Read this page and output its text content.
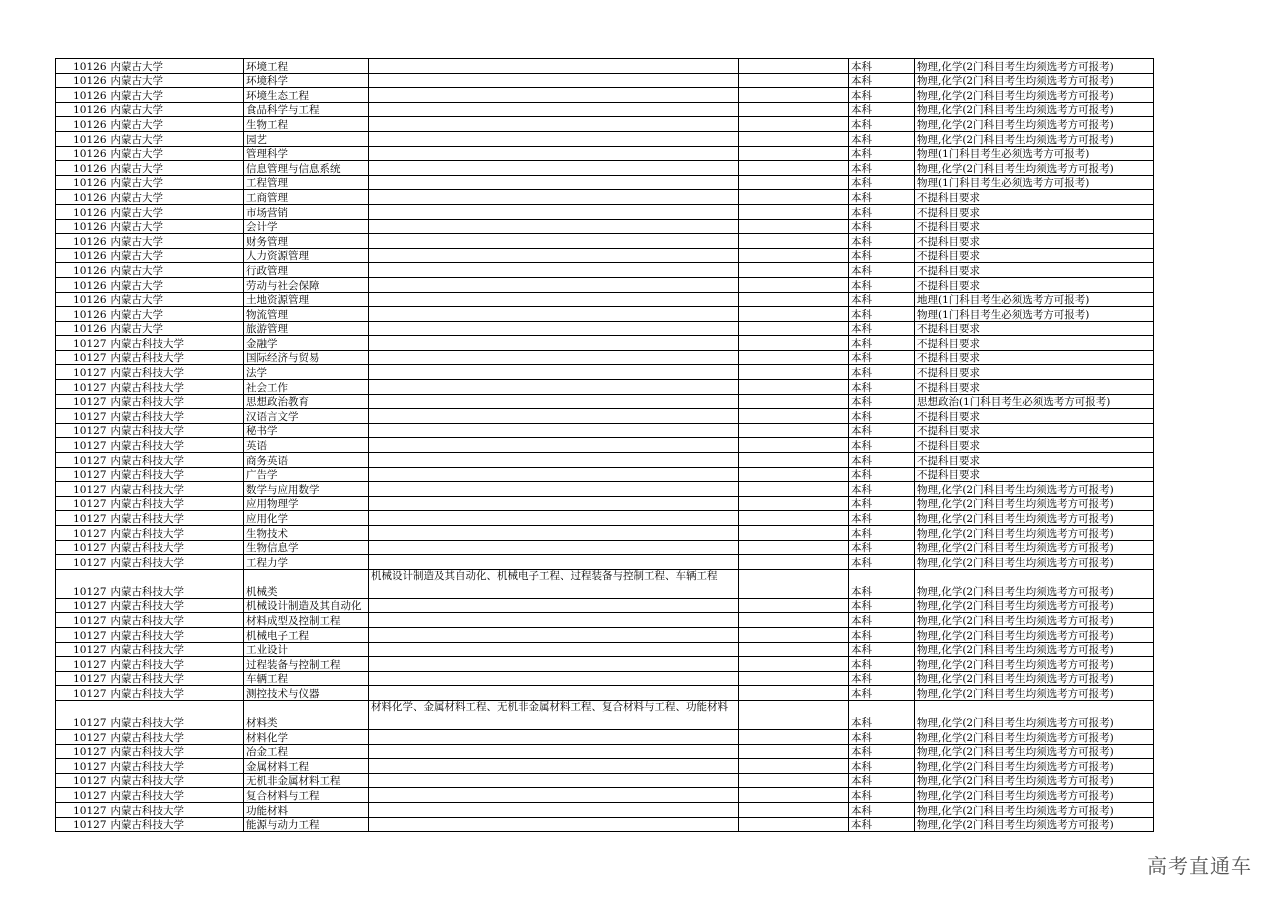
10126	内蒙古大学	环境工程			本科	物理,化学(2门科目考生均须选考方可报考)
10126	内蒙古大学	环境科学			本科	物理,化学(2门科目考生均须选考方可报考)
10126	内蒙古大学	环境生态工程			本科	物理,化学(2门科目考生均须选考方可报考)
10126	内蒙古大学	食品科学与工程			本科	物理,化学(2门科目考生均须选考方可报考)
10126	内蒙古大学	生物工程			本科	物理,化学(2门科目考生均须选考方可报考)
10126	内蒙古大学	园艺			本科	物理,化学(2门科目考生均须选考方可报考)
10126	内蒙古大学	管理科学			本科	物理(1门科目考生必须选考方可报考)
10126	内蒙古大学	信息管理与信息系统			本科	物理,化学(2门科目考生均须选考方可报考)
10126	内蒙古大学	工程管理			本科	物理(1门科目考生必须选考方可报考)
10126	内蒙古大学	工商管理			本科	不提科目要求
10126	内蒙古大学	市场营销			本科	不提科目要求
10126	内蒙古大学	会计学			本科	不提科目要求
10126	内蒙古大学	财务管理			本科	不提科目要求
10126	内蒙古大学	人力资源管理			本科	不提科目要求
10126	内蒙古大学	行政管理			本科	不提科目要求
10126	内蒙古大学	劳动与社会保障			本科	不提科目要求
10126	内蒙古大学	土地资源管理			本科	地理(1门科目考生必须选考方可报考)
10126	内蒙古大学	物流管理			本科	物理(1门科目考生必须选考方可报考)
10126	内蒙古大学	旅游管理			本科	不提科目要求
10127	内蒙古科技大学	金融学			本科	不提科目要求
10127	内蒙古科技大学	国际经济与贸易			本科	不提科目要求
10127	内蒙古科技大学	法学			本科	不提科目要求
10127	内蒙古科技大学	社会工作			本科	不提科目要求
10127	内蒙古科技大学	思想政治教育			本科	思想政治(1门科目考生必须选考方可报考)
10127	内蒙古科技大学	汉语言文学			本科	不提科目要求
10127	内蒙古科技大学	秘书学			本科	不提科目要求
10127	内蒙古科技大学	英语			本科	不提科目要求
10127	内蒙古科技大学	商务英语			本科	不提科目要求
10127	内蒙古科技大学	广告学			本科	不提科目要求
10127	内蒙古科技大学	数学与应用数学			本科	物理,化学(2门科目考生均须选考方可报考)
10127	内蒙古科技大学	应用物理学			本科	物理,化学(2门科目考生均须选考方可报考)
10127	内蒙古科技大学	应用化学			本科	物理,化学(2门科目考生均须选考方可报考)
10127	内蒙古科技大学	生物技术			本科	物理,化学(2门科目考生均须选考方可报考)
10127	内蒙古科技大学	生物信息学			本科	物理,化学(2门科目考生均须选考方可报考)
10127	内蒙古科技大学	工程力学			本科	物理,化学(2门科目考生均须选考方可报考)
10127	内蒙古科技大学	机械类	机械设计制造及其自动化、机械电子工程、过程装备与控制工程、车辆工程		本科	物理,化学(2门科目考生均须选考方可报考)
10127	内蒙古科技大学	机械设计制造及其自动化			本科	物理,化学(2门科目考生均须选考方可报考)
10127	内蒙古科技大学	材料成型及控制工程			本科	物理,化学(2门科目考生均须选考方可报考)
10127	内蒙古科技大学	机械电子工程			本科	物理,化学(2门科目考生均须选考方可报考)
10127	内蒙古科技大学	工业设计			本科	物理,化学(2门科目考生均须选考方可报考)
10127	内蒙古科技大学	过程装备与控制工程			本科	物理,化学(2门科目考生均须选考方可报考)
10127	内蒙古科技大学	车辆工程			本科	物理,化学(2门科目考生均须选考方可报考)
10127	内蒙古科技大学	测控技术与仪器			本科	物理,化学(2门科目考生均须选考方可报考)
10127	内蒙古科技大学	材料类	材料化学、金属材料工程、无机非金属材料工程、复合材料与工程、功能材料		本科	物理,化学(2门科目考生均须选考方可报考)
10127	内蒙古科技大学	材料化学			本科	物理,化学(2门科目考生均须选考方可报考)
10127	内蒙古科技大学	冶金工程			本科	物理,化学(2门科目考生均须选考方可报考)
10127	内蒙古科技大学	金属材料工程			本科	物理,化学(2门科目考生均须选考方可报考)
10127	内蒙古科技大学	无机非金属材料工程			本科	物理,化学(2门科目考生均须选考方可报考)
10127	内蒙古科技大学	复合材料与工程			本科	物理,化学(2门科目考生均须选考方可报考)
10127	内蒙古科技大学	功能材料			本科	物理,化学(2门科目考生均须选考方可报考)
10127	内蒙古科技大学	能源与动力工程			本科	物理,化学(2门科目考生均须选考方可报考)
高考直通车
